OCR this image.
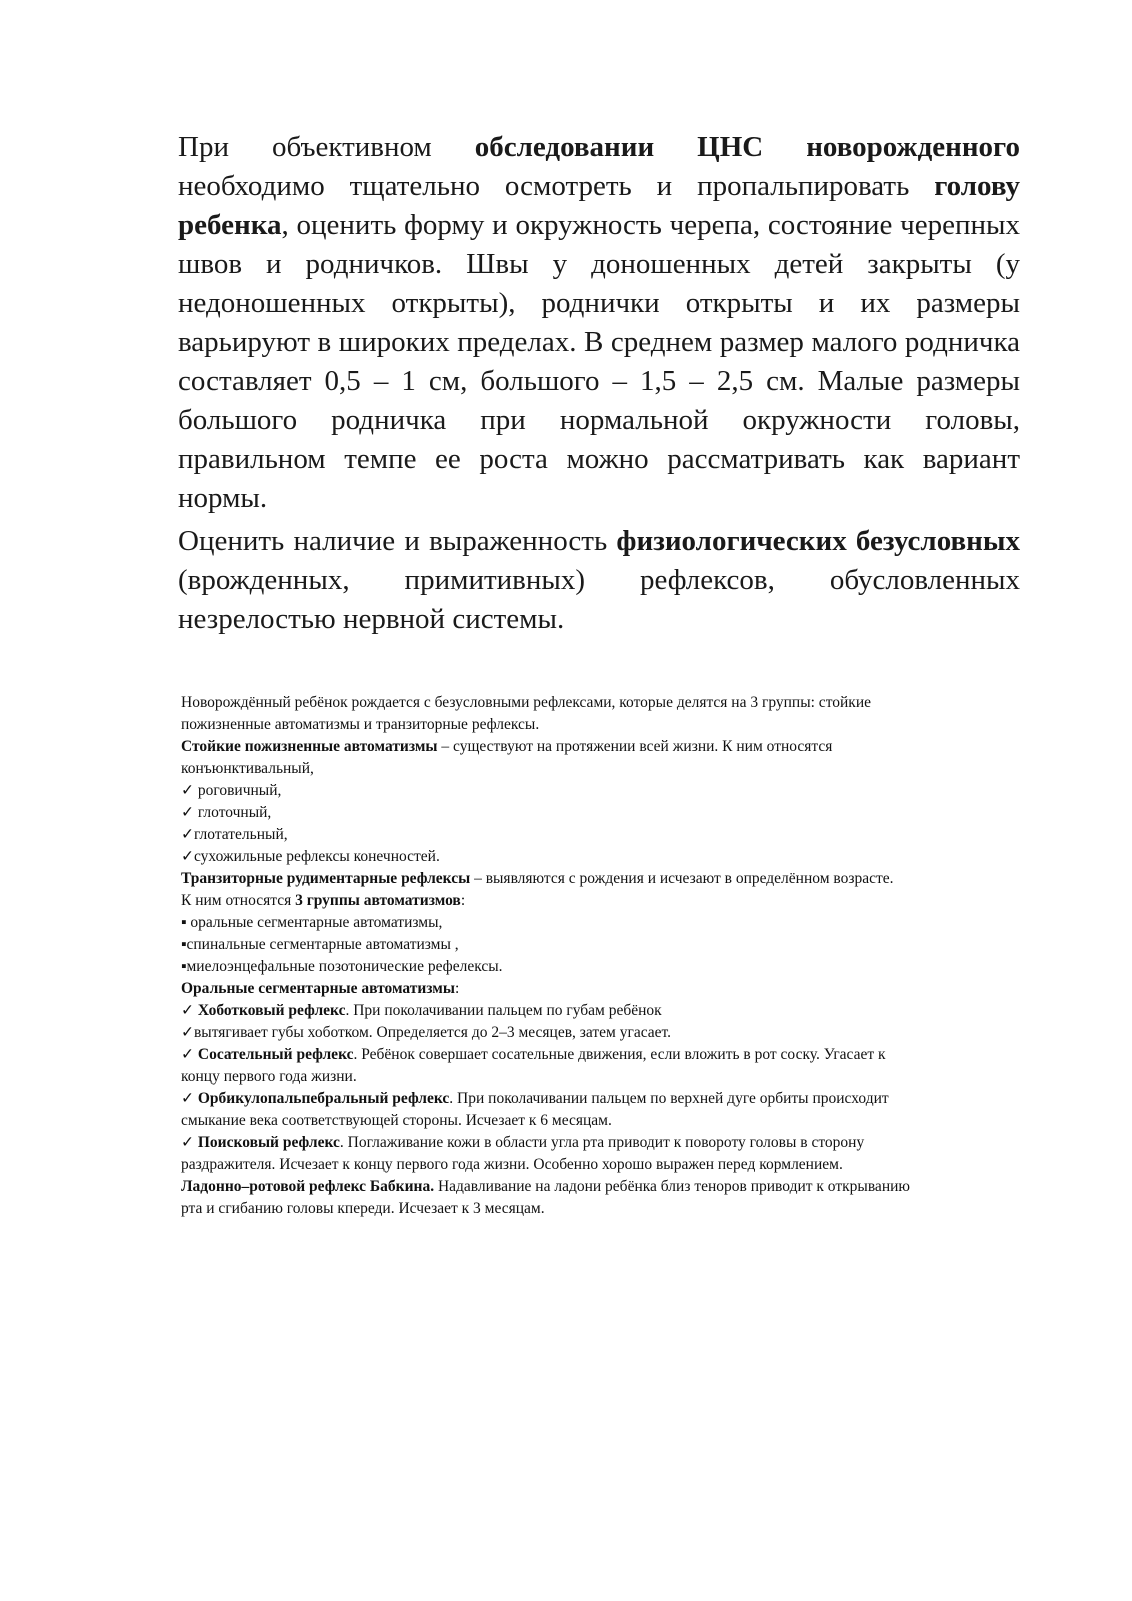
При объективном обследовании ЦНС новорожденного необходимо тщательно осмотреть и пропальпировать голову ребенка, оценить форму и окружность черепа, состояние черепных швов и родничков. Швы у доношенных детей закрыты (у недоношенных открыты), роднички открыты и их размеры варьируют в широких пределах. В среднем размер малого родничка составляет 0,5 – 1 см, большого – 1,5 – 2,5 см. Малые размеры большого родничка при нормальной окружности головы, правильном темпе ее роста можно рассматривать как вариант нормы.

Оценить наличие и выраженность физиологических безусловных (врожденных, примитивных) рефлексов, обусловленных незрелостью нервной системы.

Новорождённый ребёнок рождается с безусловными рефлексами, которые делятся на 3 группы: стойкие
пожизненные автоматизмы и транзиторные рефлексы.
Стойкие пожизненные автоматизмы – существуют на протяжении всей жизни. К ним относятся
конъюнктивальный,
✓ роговичный,
✓ глоточный,
✓глотательный,
✓сухожильные рефлексы конечностей.
Транзиторные рудиментарные рефлексы – выявляются с рождения и исчезают в определённом возрасте.
К ним относятся 3 группы автоматизмов:
▪ оральные сегментарные автоматизмы,
▪спинальные сегментарные автоматизмы ,
▪миелоэнцефальные позотонические рефелексы.
Оральные сегментарные автоматизмы:
✓ Хоботковый рефлекс. При поколачивании пальцем по губам ребёнок
✓вытягивает губы хоботком. Определяется до 2–3 месяцев, затем угасает.
✓ Сосательный рефлекс. Ребёнок совершает сосательные движения, если вложить в рот соску. Угасает к
концу первого года жизни.
✓ Орбикулопальпебральный рефлекс. При поколачивании пальцем по верхней дуге орбиты происходит
смыкание века соответствующей стороны. Исчезает к 6 месяцам.
✓ Поисковый рефлекс. Поглаживание кожи в области угла рта приводит к повороту головы в сторону
раздражителя. Исчезает к концу первого года жизни. Особенно хорошо выражен перед кормлением.
Ладонно–ротовой рефлекс Бабкина. Надавливание на ладони ребёнка близ теноров приводит к открыванию
рта и сгибанию головы кпереди. Исчезает к 3 месяцам.
